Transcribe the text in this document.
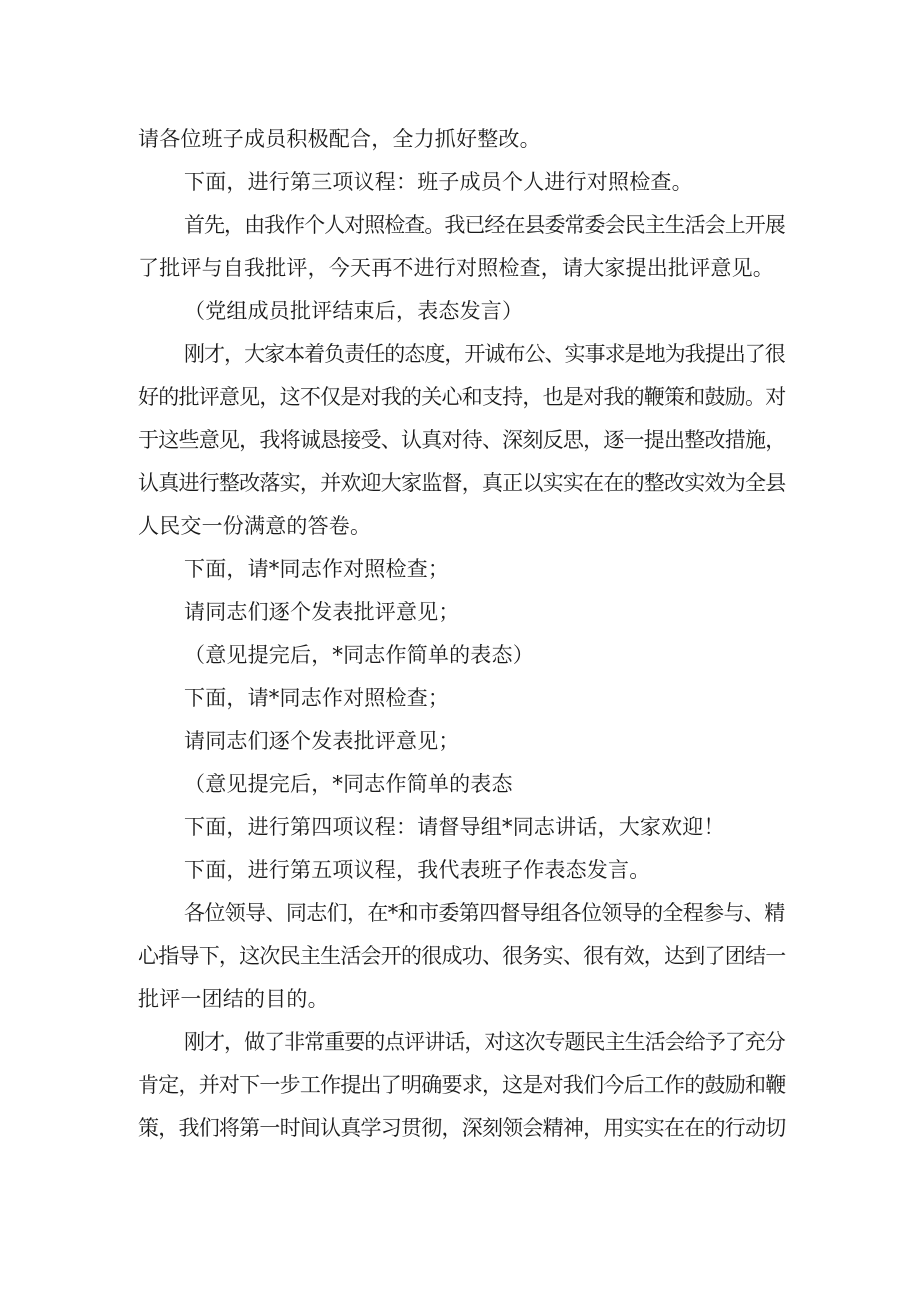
请各位班子成员积极配合，全力抓好整改。
下面，进行第三项议程：班子成员个人进行对照检查。
首先，由我作个人对照检查。我已经在县委常委会民主生活会上开展
了批评与自我批评，今天再不进行对照检查，请大家提出批评意见。
（党组成员批评结束后，表态发言）
刚才，大家本着负责任的态度，开诚布公、实事求是地为我提出了很
好的批评意见，这不仅是对我的关心和支持，也是对我的鞭策和鼓励。对
于这些意见，我将诚恳接受、认真对待、深刻反思，逐一提出整改措施，
认真进行整改落实，并欢迎大家监督，真正以实实在在的整改实效为全县
人民交一份满意的答卷。
下面，请*同志作对照检查；
请同志们逐个发表批评意见；
（意见提完后，*同志作简单的表态）
下面，请*同志作对照检查；
请同志们逐个发表批评意见；
（意见提完后，*同志作简单的表态
下面，进行第四项议程：请督导组*同志讲话，大家欢迎！
下面，进行第五项议程，我代表班子作表态发言。
各位领导、同志们，在*和市委第四督导组各位领导的全程参与、精
心指导下，这次民主生活会开的很成功、很务实、很有效，达到了团结一
批评一团结的目的。
刚才，做了非常重要的点评讲话，对这次专题民主生活会给予了充分
肯定，并对下一步工作提出了明确要求，这是对我们今后工作的鼓励和鞭
策，我们将第一时间认真学习贯彻，深刻领会精神，用实实在在的行动切
